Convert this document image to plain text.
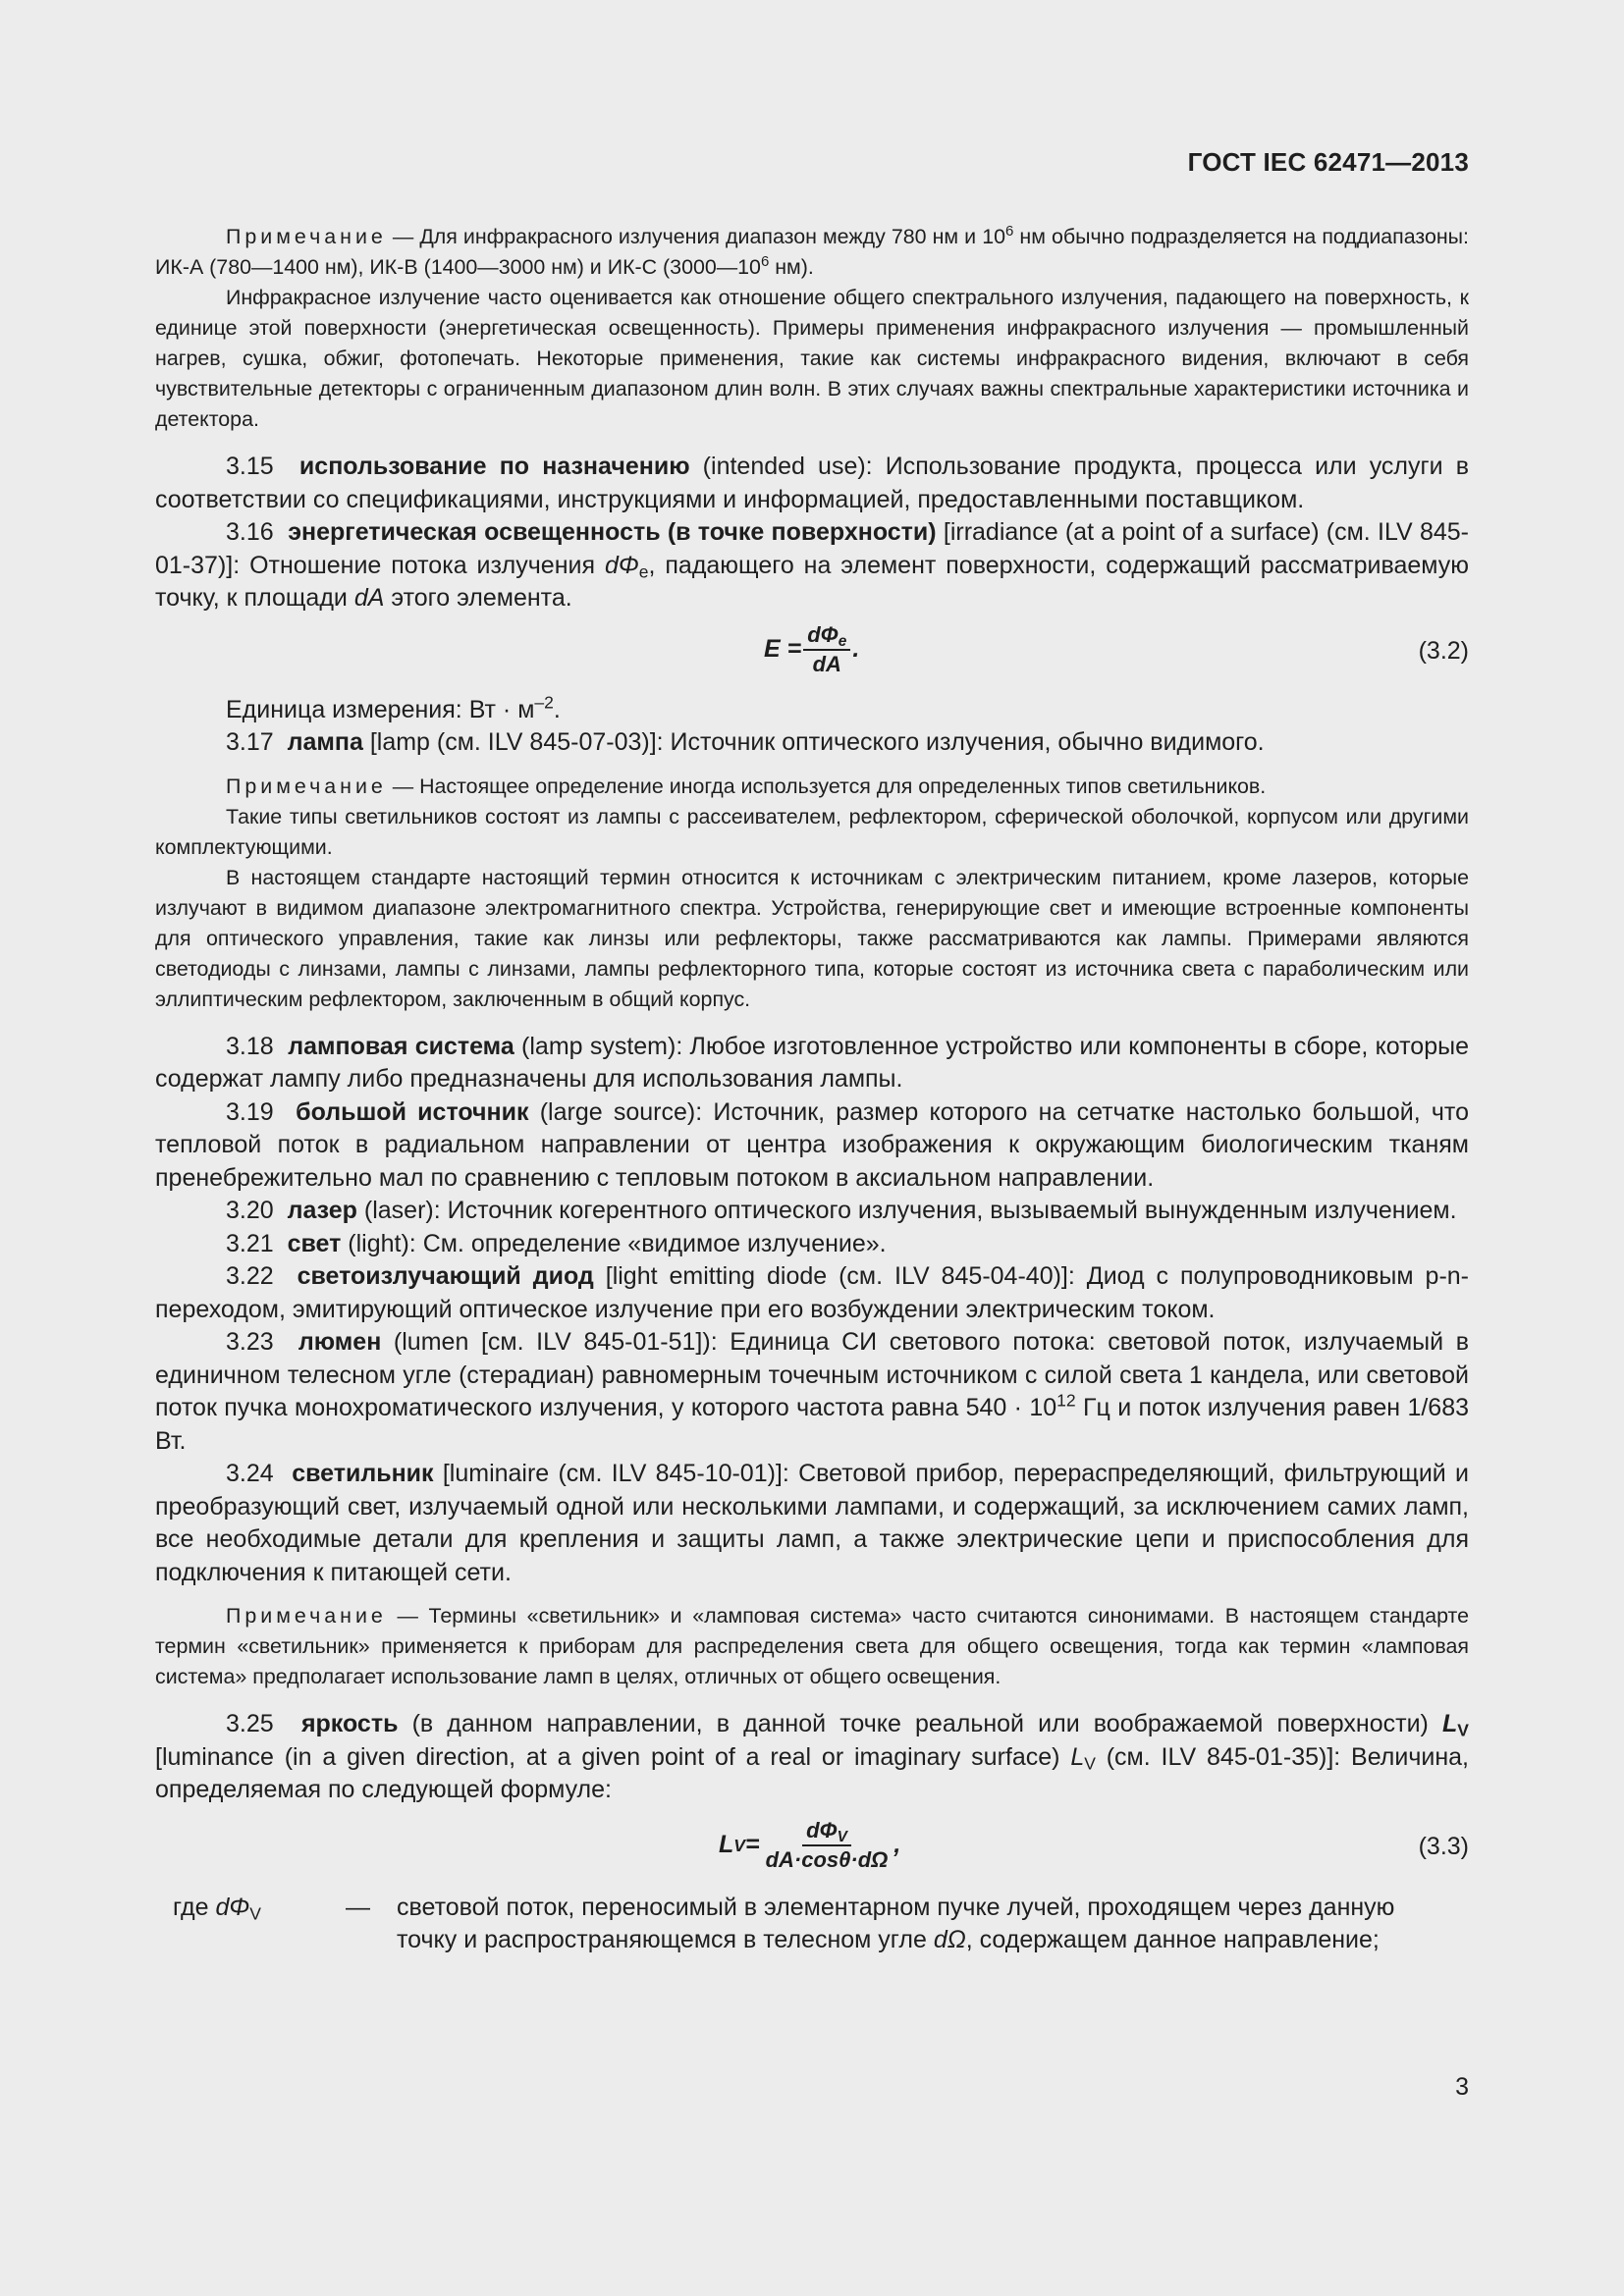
ГОСТ IEC 62471—2013

Примечание — Для инфракрасного излучения диапазон между 780 нм и $10^6$ нм обычно подразделяется на поддиапазоны: ИК-А (780—1400 нм), ИК-В (1400—3000 нм) и ИК-С ($3000—10^6$ нм).

Инфракрасное излучение часто оценивается как отношение общего спектрального излучения, падающего на поверхность, к единице этой поверхности (энергетическая освещенность). Примеры применения инфракрасного излучения — промышленный нагрев, сушка, обжиг, фотопечать. Некоторые применения, такие как системы инфракрасного видения, включают в себя чувствительные детекторы с ограниченным диапазоном длин волн. В этих случаях важны спектральные характеристики источника и детектора.

3.15 использование по назначению (intended use): Использование продукта, процесса или услуги в соответствии со спецификациями, инструкциями и информацией, предоставленными поставщиком.

3.16 энергетическая освещенность (в точке поверхности) [irradiance (at a point of a surface) (см. ILV 845-01-37)]: Отношение потока излучения $d\Phi_e$, падающего на элемент поверхности, содержащий рассматриваемую точку, к площади dA этого элемента.

$E = \frac{d\Phi_e}{dA}$ .	(3.2)

Единица измерения: Вт · $м^{-2}$.

3.17 лампа [lamp (см. ILV 845-07-03)]: Источник оптического излучения, обычно видимого.

Примечание — Настоящее определение иногда используется для определенных типов светильников.

Такие типы светильников состоят из лампы с рассеивателем, рефлектором, сферической оболочкой, корпусом или другими комплектующими.

В настоящем стандарте настоящий термин относится к источникам с электрическим питанием, кроме лазеров, которые излучают в видимом диапазоне электромагнитного спектра. Устройства, генерирующие свет и имеющие встроенные компоненты для оптического управления, такие как линзы или рефлекторы, также рассматриваются как лампы. Примерами являются светодиоды с линзами, лампы с линзами, лампы рефлекторного типа, которые состоят из источника света с параболическим или эллиптическим рефлектором, заключенным в общий корпус.

3.18 ламповая система (lamp system): Любое изготовленное устройство или компоненты в сборе, которые содержат лампу либо предназначены для использования лампы.

3.19 большой источник (large source): Источник, размер которого на сетчатке настолько большой, что тепловой поток в радиальном направлении от центра изображения к окружающим биологическим тканям пренебрежительно мал по сравнению с тепловым потоком в аксиальном направлении.

3.20 лазер (laser): Источник когерентного оптического излучения, вызываемый вынужденным излучением.

3.21 свет (light): См. определение «видимое излучение».

3.22 светоизлучающий диод [light emitting diode (см. ILV 845-04-40)]: Диод с полупроводниковым p-n-переходом, эмитирующий оптическое излучение при его возбуждении электрическим током.

3.23 люмен (lumen [см. ILV 845-01-51]): Единица СИ светового потока: световой поток, излучаемый в единичном телесном угле (стерадиан) равномерным точечным источником с силой света 1 кандела, или световой поток пучка монохроматического излучения, у которого частота равна $540 \cdot 10^{12}$ Гц и поток излучения равен 1/683 Вт.

3.24 светильник [luminaire (см. ILV 845-10-01)]: Световой прибор, перераспределяющий, фильтрующий и преобразующий свет, излучаемый одной или несколькими лампами, и содержащий, за исключением самих ламп, все необходимые детали для крепления и защиты ламп, а также электрические цепи и приспособления для подключения к питающей сети.

Примечание — Термины «светильник» и «ламповая система» часто считаются синонимами. В настоящем стандарте термин «светильник» применяется к приборам для распределения света для общего освещения, тогда как термин «ламповая система» предполагает использование ламп в целях, отличных от общего освещения.

3.25 яркость (в данном направлении, в данной точке реальной или воображаемой поверхности) $L_V$ [luminance (in a given direction, at a given point of a real or imaginary surface) $L_V$ (см. ILV 845-01-35)]: Величина, определяемая по следующей формуле:

L $V = \frac{d\Phi_V}{dA\cdot\cos\theta\cdot d\Omega}$ ,	(3.3)
где $d\Phi_V$	—	световой поток, переносимый в элементарном пучке лучей, проходящем через данную точку и распространяющемся в телесном угле dΩ, содержащем данное направление;
3
